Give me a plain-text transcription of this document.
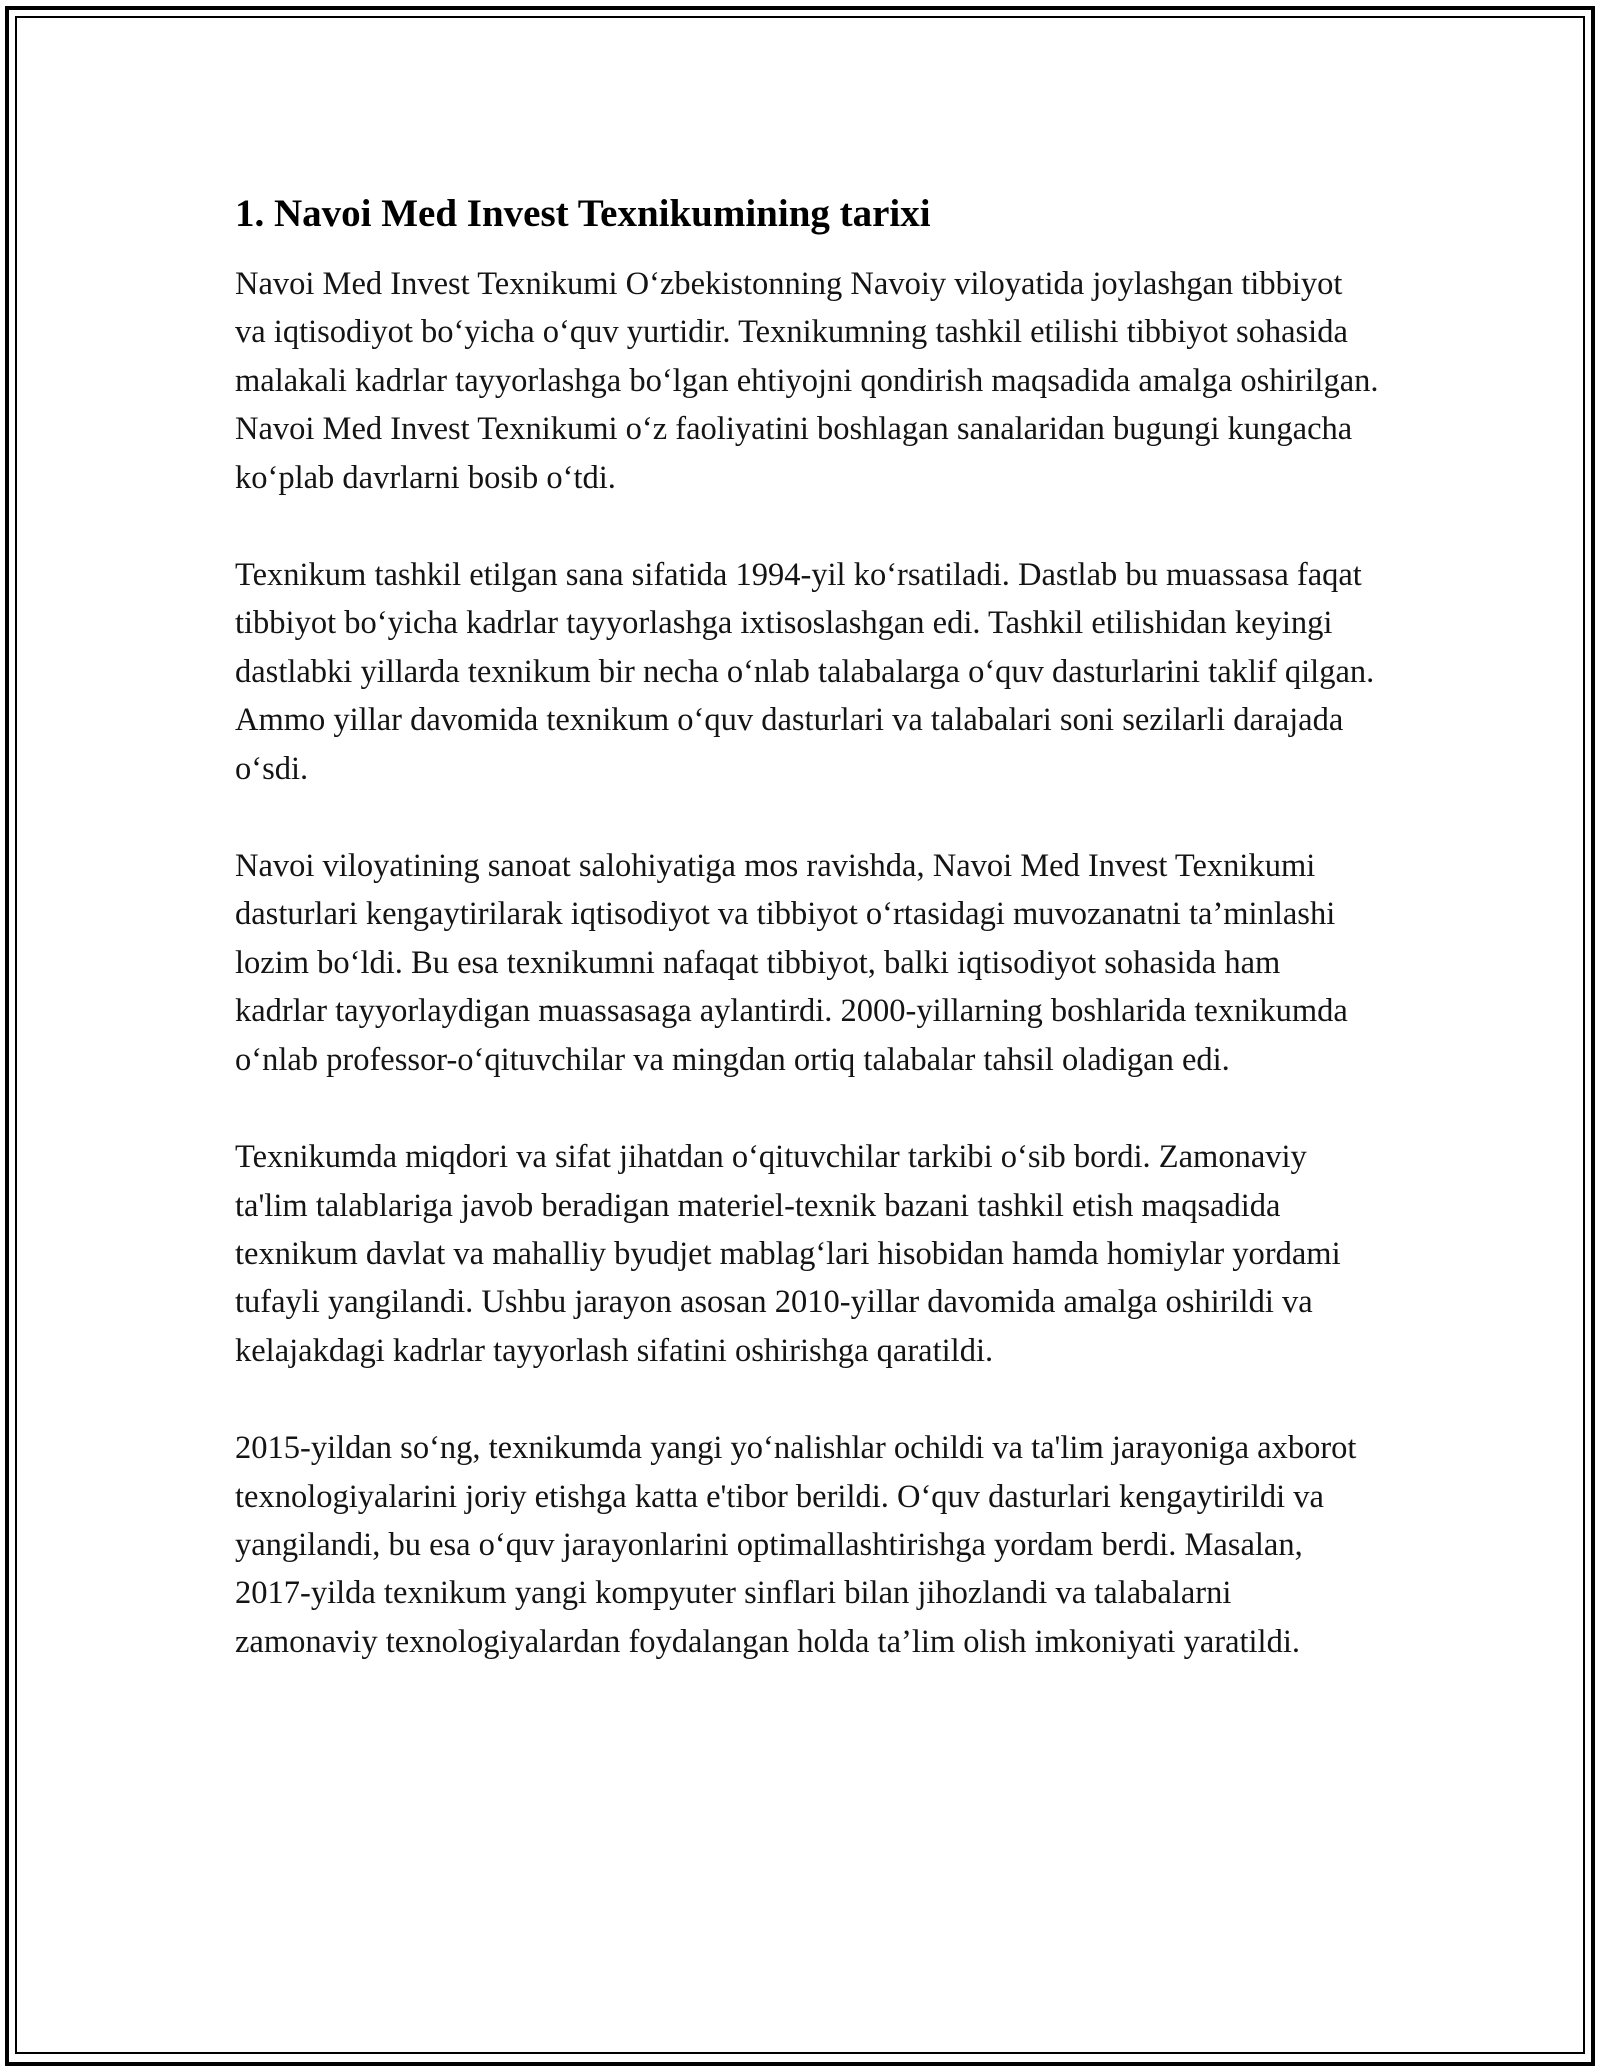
1. Navoi Med Invest Texnikumining tarixi

Navoi Med Invest Texnikumi O‘zbekistonning Navoiy viloyatida joylashgan tibbiyot va iqtisodiyot bo‘yicha o‘quv yurtidir. Texnikumning tashkil etilishi tibbiyot sohasida malakali kadrlar tayyorlashga bo‘lgan ehtiyojni qondirish maqsadida amalga oshirilgan. Navoi Med Invest Texnikumi o‘z faoliyatini boshlagan sanalaridan bugungi kungacha ko‘plab davrlarni bosib o‘tdi.

Texnikum tashkil etilgan sana sifatida 1994-yil ko‘rsatiladi. Dastlab bu muassasa faqat tibbiyot bo‘yicha kadrlar tayyorlashga ixtisoslashgan edi. Tashkil etilishidan keyingi dastlabki yillarda texnikum bir necha o‘nlab talabalarga o‘quv dasturlarini taklif qilgan. Ammo yillar davomida texnikum o‘quv dasturlari va talabalari soni sezilarli darajada o‘sdi.

Navoi viloyatining sanoat salohiyatiga mos ravishda, Navoi Med Invest Texnikumi dasturlari kengaytirilarak iqtisodiyot va tibbiyot o‘rtasidagi muvozanatni ta’minlashi lozim bo‘ldi. Bu esa texnikumni nafaqat tibbiyot, balki iqtisodiyot sohasida ham kadrlar tayyorlaydigan muassasaga aylantirdi. 2000-yillarning boshlarida texnikumda o‘nlab professor-o‘qituvchilar va mingdan ortiq talabalar tahsil oladigan edi.

Texnikumda miqdori va sifat jihatdan o‘qituvchilar tarkibi o‘sib bordi. Zamonaviy ta'lim talablariga javob beradigan materiel-texnik bazani tashkil etish maqsadida texnikum davlat va mahalliy byudjet mablag‘lari hisobidan hamda homiylar yordami tufayli yangilandi. Ushbu jarayon asosan 2010-yillar davomida amalga oshirildi va kelajakdagi kadrlar tayyorlash sifatini oshirishga qaratildi.

2015-yildan so‘ng, texnikumda yangi yo‘nalishlar ochildi va ta'lim jarayoniga axborot texnologiyalarini joriy etishga katta e'tibor berildi. O‘quv dasturlari kengaytirildi va yangilandi, bu esa o‘quv jarayonlarini optimallashtirishga yordam berdi. Masalan, 2017-yilda texnikum yangi kompyuter sinflari bilan jihozlandi va talabalarni zamonaviy texnologiyalardan foydalangan holda ta’lim olish imkoniyati yaratildi.
